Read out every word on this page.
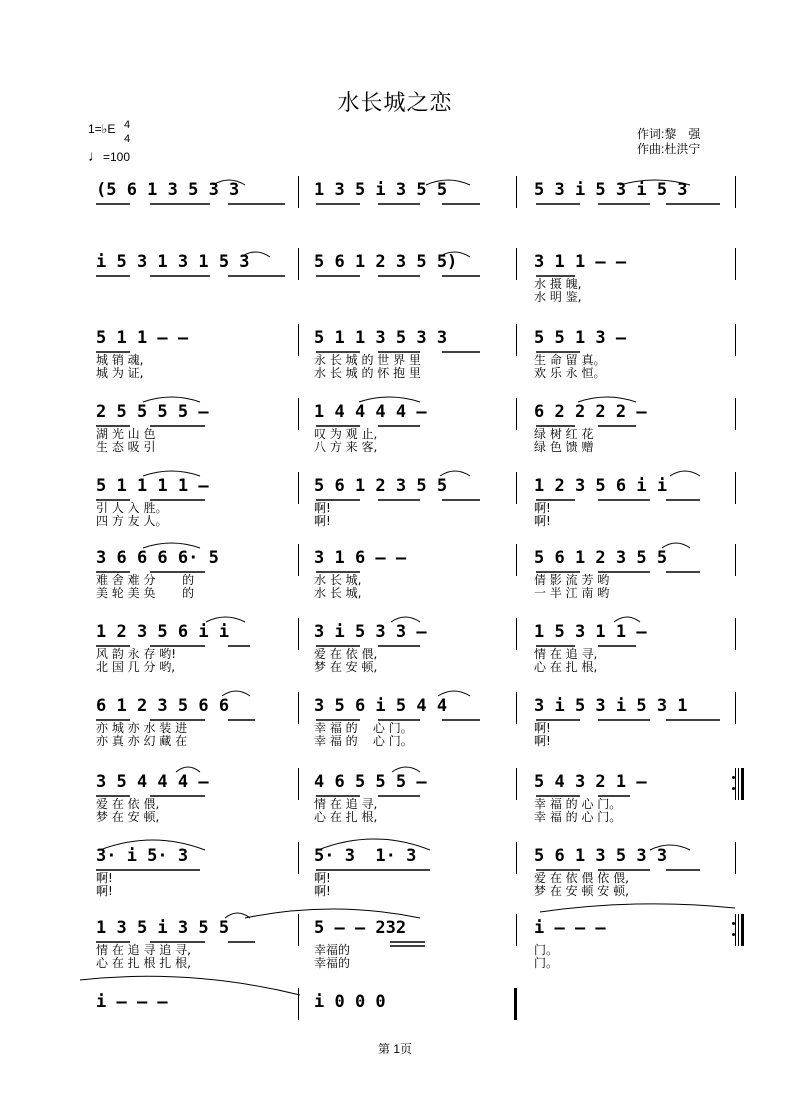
水长城之恋
1=♭E 4
4
♩=100
作词:黎　强
作曲:杜洪宁
(5 6 1 3 5 3 3	1 3 5 i 3 5 5	5 3 i 5 3 i 5 3
i 5 3 1 3 1 5 3	5 6 1 2 3 5 5)	3 1 1 – –
水 摄 魄,
水 明 鉴,
5 1 1 – –
城 销 魂,
城 为 证,
5 1 1 3 5 3 3
永 长 城 的 世 界 里
水 长 城 的 怀 抱 里
5 5 1 3 –
生 命 留 真。
欢 乐 永 恒。
2 5 5 5 5 –
湖 光 山 色
生 态 吸 引
1 4 4 4 4 –
叹 为 观 止,
八 方 来 客,
6 2 2 2 2 –
绿 树 红 花
绿 色 馈 赠
5 1 1 1 1 –
引 人 入 胜。
四 方 友 人。
5 6 1 2 3 5 5
啊!
啊!
1 2 3 5 6 i i
啊!
啊!
3 6 6 6 6· 5
难 舍 难 分       的
美 轮 美 奂       的
3 1 6 – –
水 长 城,
水 长 城,
5 6 1 2 3 5 5
倩 影 流 芳 哟
一 半 江 南 哟
1 2 3 5 6 i i
风 韵 永 存 哟!
北 国 几 分 哟,
3 i 5 3 3 –
爱 在 依 偎,
梦 在 安 顿,
1 5 3 1 1 –
情 在 追 寻,
心 在 扎 根,
6 1 2 3 5 6 6
亦 城 亦 水 装 进
亦 真 亦 幻 藏 在
3 5 6 i 5 4 4
幸 福 的    心 门。
幸 福 的    心 门。
3 i 5 3 i 5 3 1
啊!
啊!
3 5 4 4 4 –
爱 在 依 偎,
梦 在 安 顿,
4 6 5 5 5 –
情 在 追 寻,
心 在 扎 根,
5 4 3 2 1 –
幸 福 的 心 门。
幸 福 的 心 门。
3· i 5· 3
啊!
啊!
5· 3  1· 3
啊!
啊!
5 6 1 3 5 3 3
爱 在 依 偎 依 偎,
梦 在 安 顿 安 顿,
1 3 5 i 3 5 5
情 在 追 寻 追 寻,
心 在 扎 根 扎 根,
5 – – 232
幸福的
幸福的
i – – –
门。
门。
i – – –	i 0 0 0
第 1页
